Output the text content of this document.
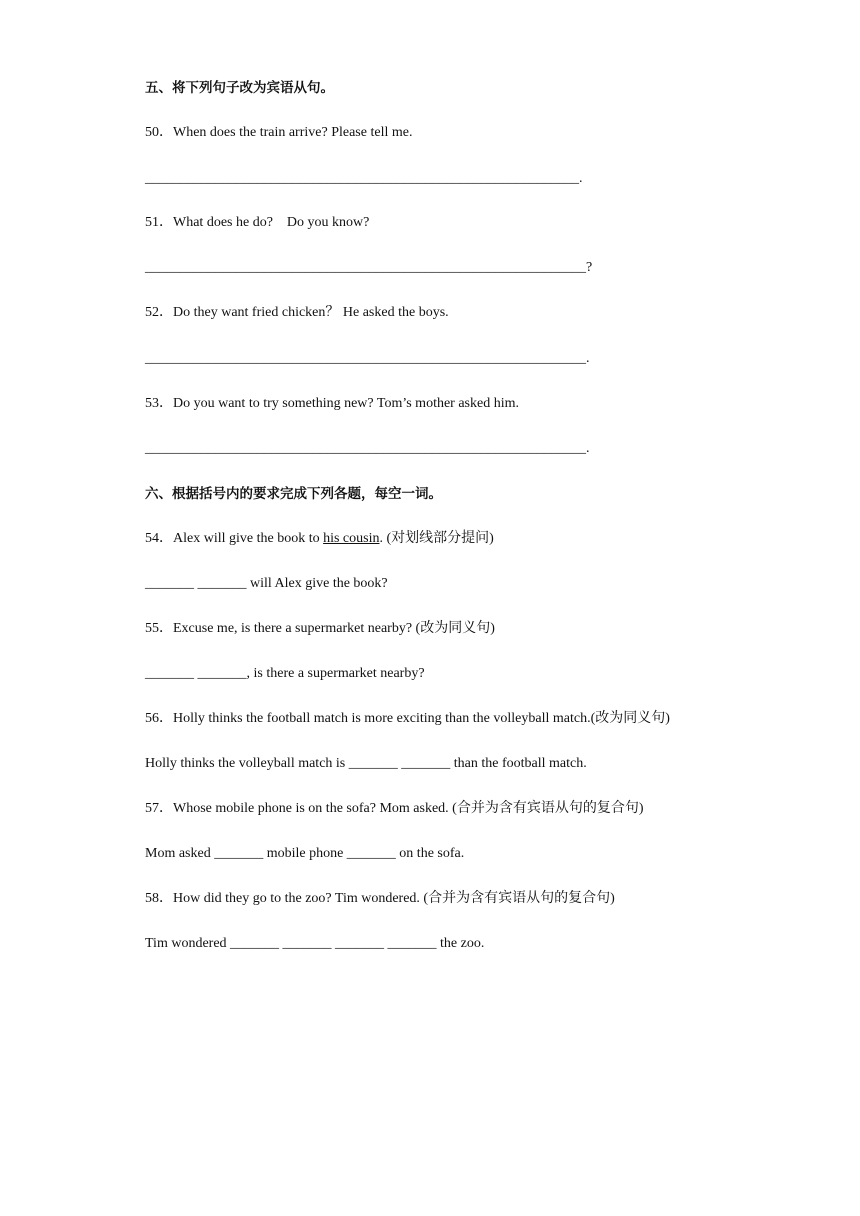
五、将下列句子改为宾语从句。
50．When does the train arrive? Please tell me.
______________________________________________________________.
51．What does he do?    Do you know?
_______________________________________________________________?
52．Do they want fried chicken？ He asked the boys.
_______________________________________________________________.
53．Do you want to try something new? Tom’s mother asked him.
_______________________________________________________________.
六、根据括号内的要求完成下列各题，每空一词。
54．Alex will give the book to his cousin. (对划线部分提问)
_______ _______ will Alex give the book?
55．Excuse me, is there a supermarket nearby? (改为同义句)
_______ _______, is there a supermarket nearby?
56．Holly thinks the football match is more exciting than the volleyball match.(改为同义句)
Holly thinks the volleyball match is _______ _______ than the football match.
57．Whose mobile phone is on the sofa? Mom asked. (合并为含有宾语从句的复合句)
Mom asked _______ mobile phone _______ on the sofa.
58．How did they go to the zoo? Tim wondered. (合并为含有宾语从句的复合句)
Tim wondered _______ _______ _______ _______ the zoo.
